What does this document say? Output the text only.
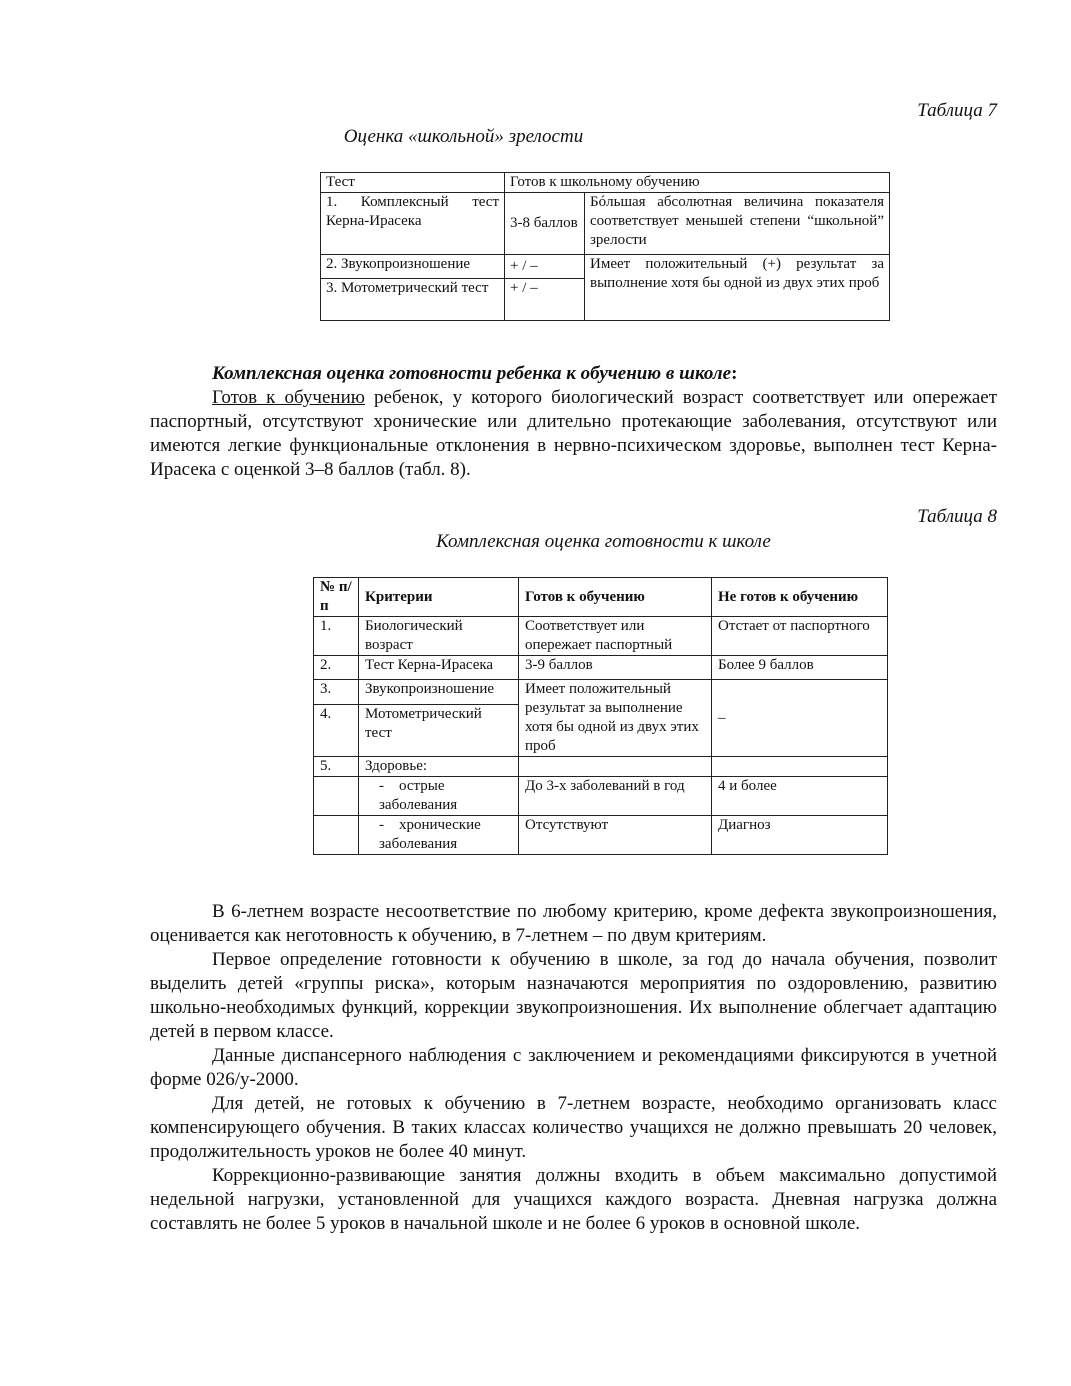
Таблица 7
Оценка «школьной» зрелости
Тест	Готов к школьному обучению	
1. Комплексный тест Керна-Ирасека	3-8 баллов	Бóльшая абсолютная величина показателя соответствует меньшей степени “школьной” зрелости
2. Звукопроизношение	+ / –	Имеет положительный (+) результат за выполнение хотя бы одной из двух этих проб
3. Мотометрический тест	+ / –	

Комплексная оценка готовности ребенка к обучению в школе:

Готов к обучению ребенок, у которого биологический возраст соответствует или опережает паспортный, отсутствуют хронические или длительно протекающие заболевания, отсутствуют или имеются легкие функциональные отклонения в нервно-психическом здоровье, выполнен тест Керна-Ирасека с оценкой 3–8 баллов (табл. 8).

Таблица 8
Комплексная оценка готовности к школе
№ п/п	Критерии	Готов к обучению	Не готов к обучению
1.	Биологический возраст	Соответствует или опережает паспортный	Отстает от паспортного
2.	Тест Керна-Ирасека	3-9 баллов	Более 9 баллов
3.	Звукопроизношение	Имеет положительный результат за выполнение хотя бы одной из двух этих проб	–
4.	Мотометрический тест		
5.	Здоровье:		
	-    острые заболевания	До 3-х заболеваний в год	4 и более
	-    хронические заболевания	Отсутствуют	Диагноз

В 6-летнем возрасте несоответствие по любому критерию, кроме дефекта звукопроизношения, оценивается как неготовность к обучению, в 7-летнем – по двум критериям.

Первое определение готовности к обучению в школе, за год до начала обучения, позволит выделить детей «группы риска», которым назначаются мероприятия по оздоровлению, развитию школьно-необходимых функций, коррекции звукопроизношения. Их выполнение облегчает адаптацию детей в первом классе.

Данные диспансерного наблюдения с заключением и рекомендациями фиксируются в учетной форме 026/у-2000.

Для детей, не готовых к обучению в 7-летнем возрасте, необходимо организовать класс компенсирующего обучения. В таких классах количество учащихся не должно превышать 20 человек, продолжительность уроков не более 40 минут.

Коррекционно-развивающие занятия должны входить в объем максимально допустимой недельной нагрузки, установленной для учащихся каждого возраста. Дневная нагрузка должна составлять не более 5 уроков в начальной школе и не более 6 уроков в основной школе.
